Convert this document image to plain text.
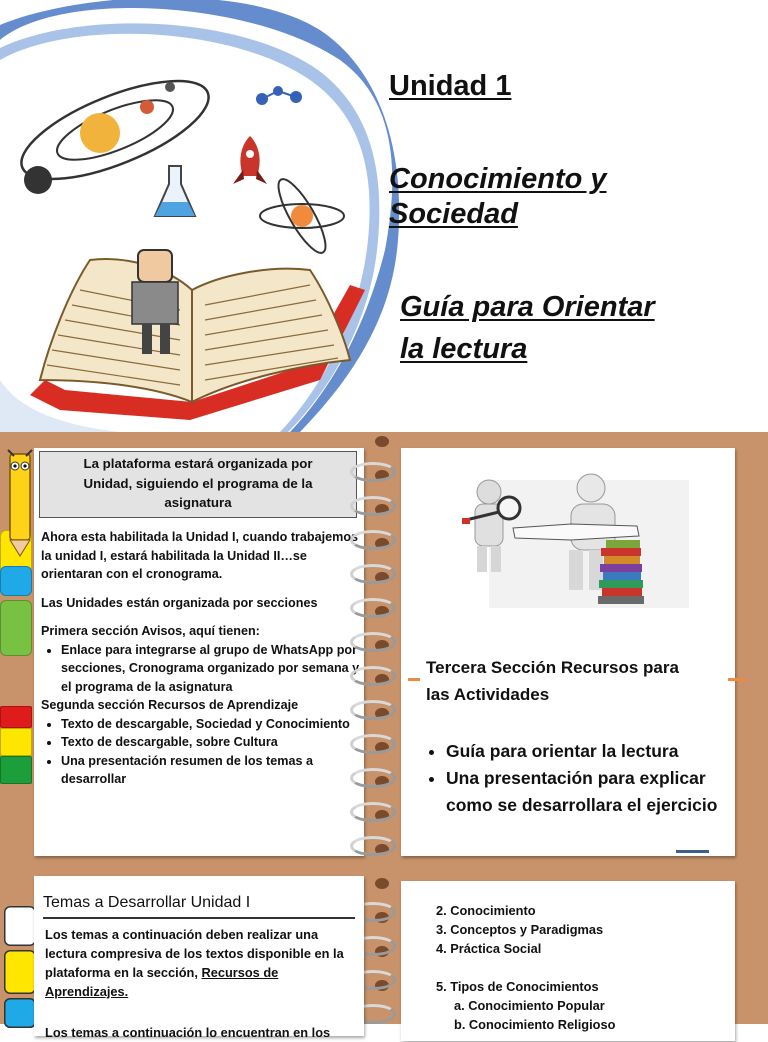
Unidad 1
Conocimiento y
Sociedad
Guía para Orientar
la lectura
La plataforma estará organizada por
Unidad, siguiendo el programa de la
asignatura

Ahora esta habilitada la Unidad I, cuando trabajemos la unidad I, estará habilitada la Unidad II…se orientaran con el cronograma.

Las Unidades están organizada por secciones

Primera sección Avisos, aquí tienen:

• Enlace para integrarse al grupo de WhatsApp por secciones, Cronograma organizado por semana y el programa de la asignatura

Segunda sección Recursos de Aprendizaje

• Texto de descargable, Sociedad y Conocimiento
• Texto de descargable, sobre Cultura
• Una presentación resumen de los temas a desarrollar
Tercera Sección Recursos para
las Actividades
• Guía para orientar la lectura
• Una presentación para explicar como se desarrollara el ejercicio
Temas a Desarrollar Unidad I
Los temas a continuación deben realizar una lectura compresiva de los textos disponible en la plataforma en la sección, Recursos de Aprendizajes.

Los temas a continuación lo encuentran en los

2. Conocimiento
3. Conceptos y Paradigmas
4. Práctica Social
5. Tipos de Conocimientos
a. Conocimiento Popular
b. Conocimiento Religioso
